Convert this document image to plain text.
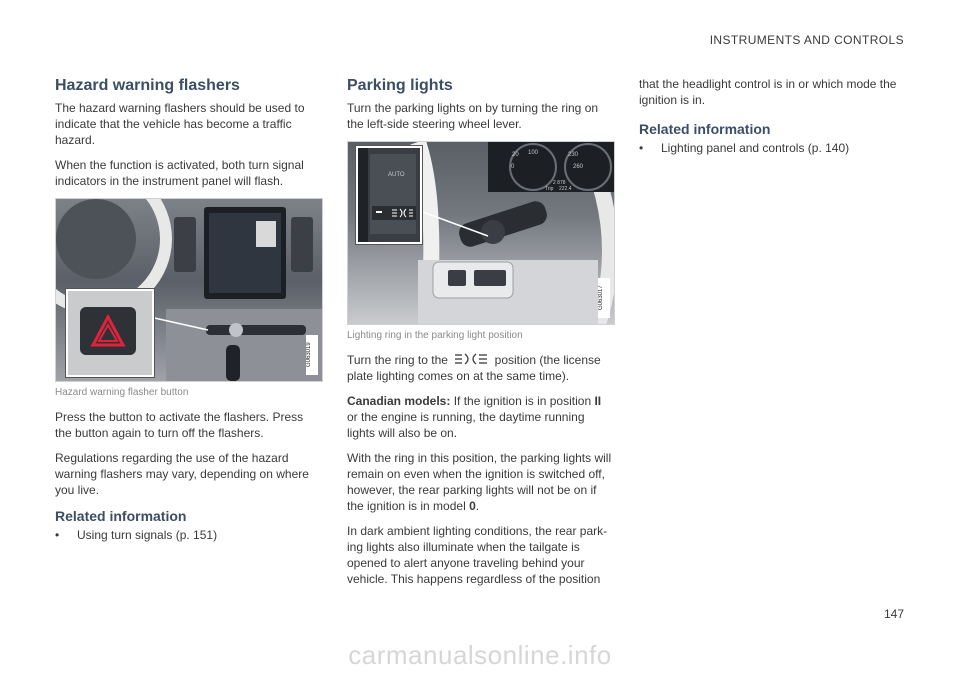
INSTRUMENTS AND CONTROLS
Hazard warning flashers

The hazard warning flashers should be used to indicate that the vehicle has become a traffic hazard.

When the function is activated, both turn signal indicators in the instrument panel will flash.

G063019

Hazard warning flasher button

Press the button to activate the flashers. Press the button again to turn off the flashers.

Regulations regarding the use of the hazard warning flashers may vary, depending on where you live.

Related information
• Using turn signals (p. 151)
Parking lights

Turn the parking lights on by turning the ring on the left-side steering wheel lever.

20 100	230
0	260
2 878
Trip 222.4
AUTO
G063017

Lighting ring in the parking light position

Turn the ring to the	position (the license plate lighting comes on at the same time).

Canadian models: If the ignition is in position II or the engine is running, the daytime running lights will also be on.

With the ring in this position, the parking lights will remain on even when the ignition is switched off, however, the rear parking lights will not be on if the ignition is in model 0.

In dark ambient lighting conditions, the rear park-ing lights also illuminate when the tailgate is opened to alert anyone traveling behind your vehicle. This happens regardless of the position

that the headlight control is in or which mode the ignition is in.

Related information
• Lighting panel and controls (p. 140)
147
carmanualsonline.info
